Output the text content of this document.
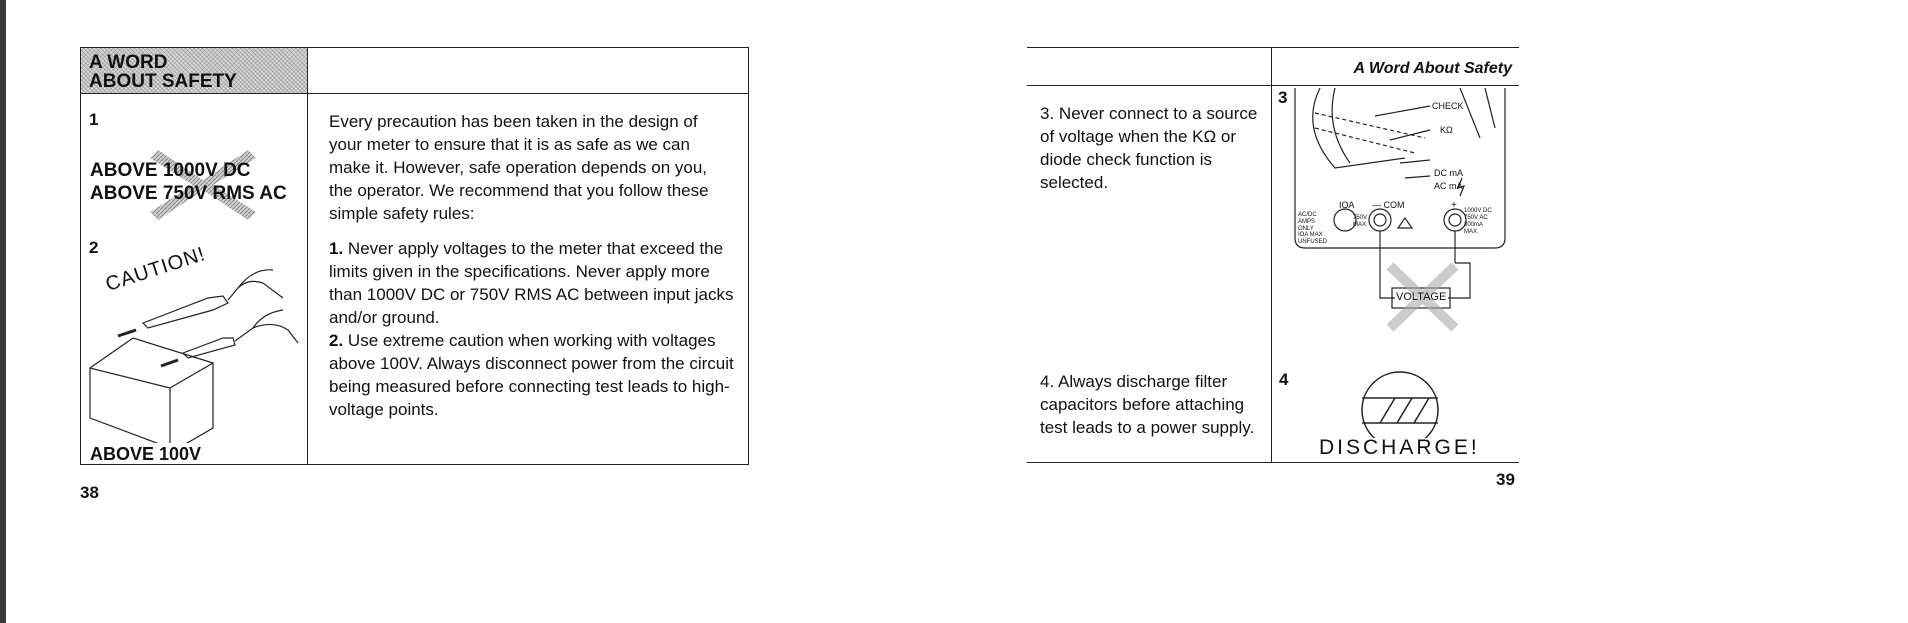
A WORD
ABOUT SAFETY
1
ABOVE 1000V DC
ABOVE 750V RMS AC
2 CAUTION!
ABOVE 100V
Every precaution has been taken in the design of your meter to ensure that it is as safe as we can make it. However, safe operation depends on you, the operator. We recommend that you follow these simple safety rules:
1. Never apply voltages to the meter that exceed the limits given in the specifications. Never apply more than 1000V DC or 750V RMS AC between input jacks and/or ground.
2. Use extreme caution when working with voltages above 100V. Always disconnect power from the circuit being measured before connecting test leads to high-voltage points.
38
A Word About Safety
3. Never connect to a source of voltage when the KΩ or diode check function is selected.
4. Always discharge filter capacitors before attaching test leads to a power supply.
3	CHECK
KΩ
DC mA
AC mA
IOA — COM	+
AC/DC AMPS ONLY
IOA MAX UNFUSED
750V MAX
1000V DC 750V AC 300mA MAX
VOLTAGE
4
DISCHARGE!
39
